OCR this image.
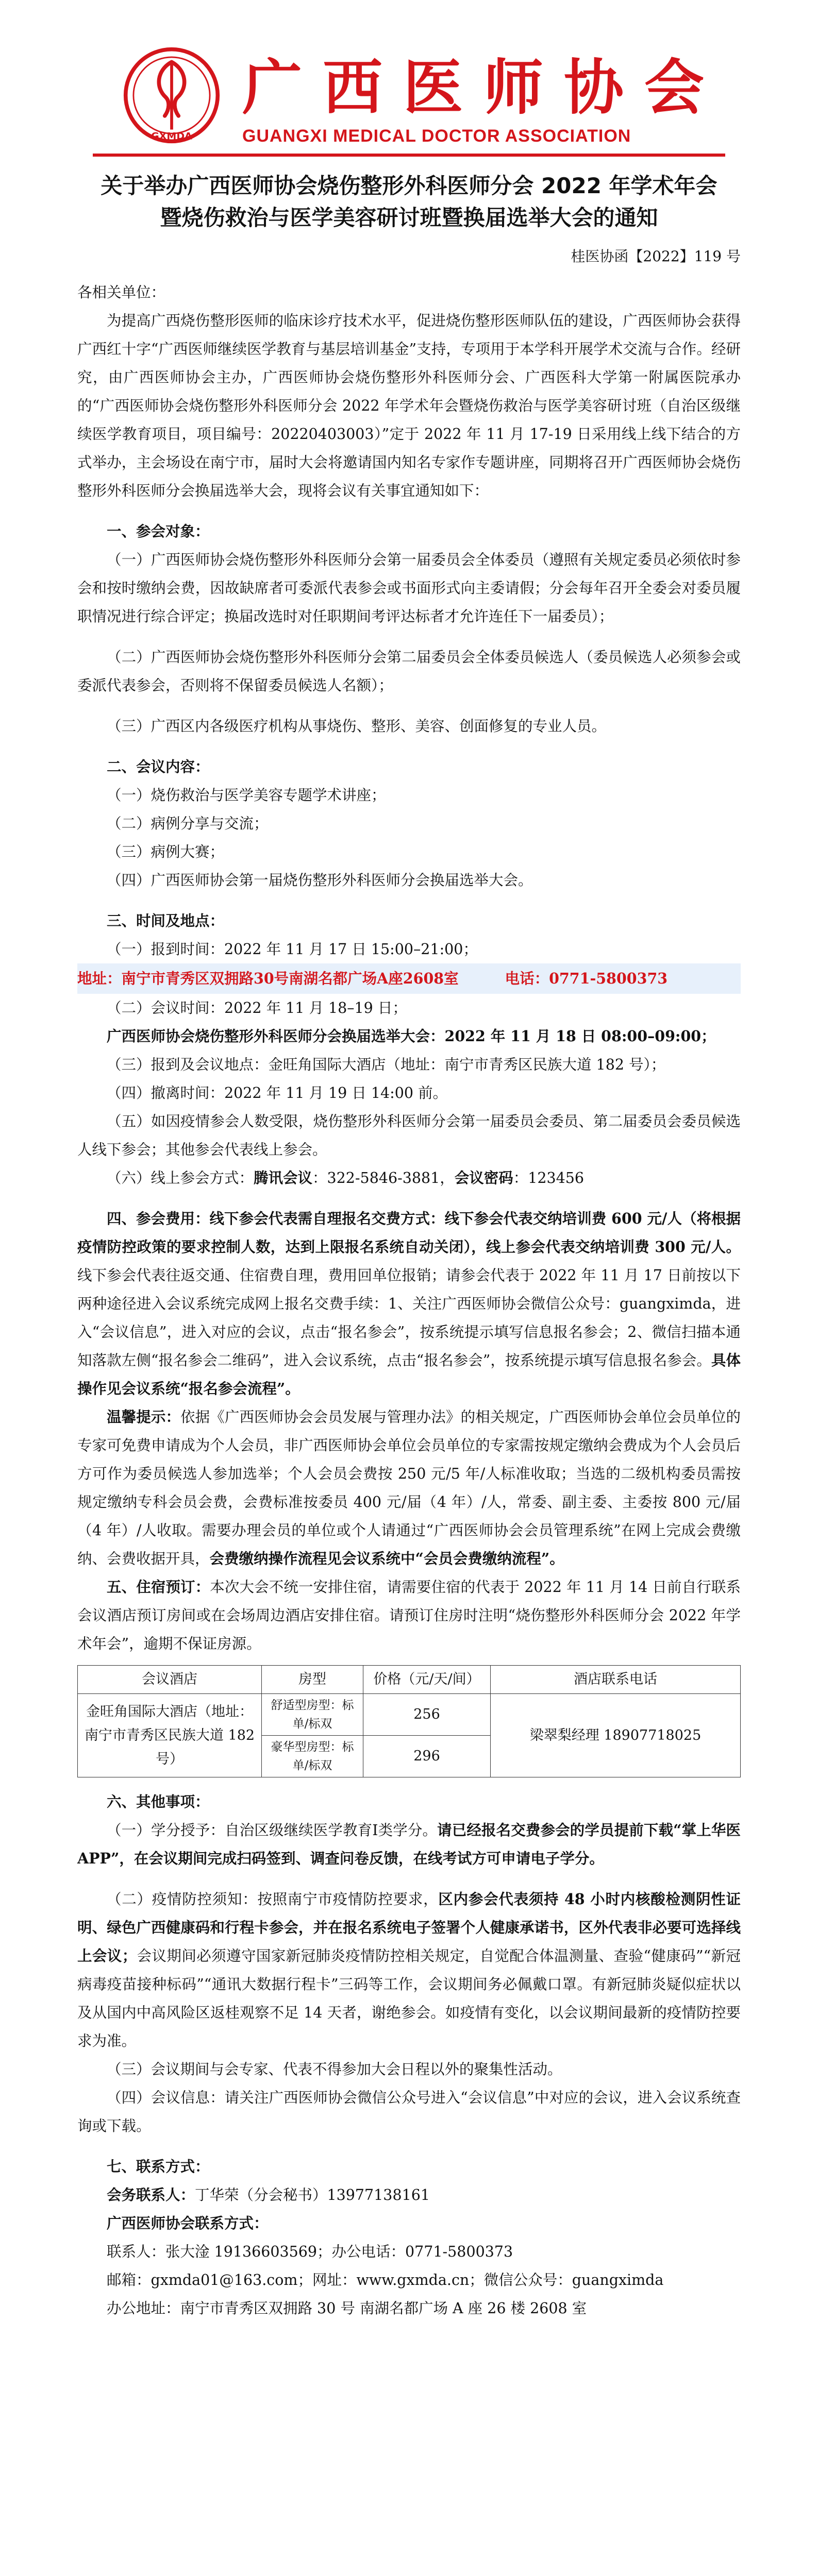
GXMDA
广西医师协会
GUANGXI MEDICAL DOCTOR ASSOCIATION
关于举办广西医师协会烧伤整形外科医师分会 2022 年学术年会
暨烧伤救治与医学美容研讨班暨换届选举大会的通知
桂医协函【2022】119 号

各相关单位：

为提高广西烧伤整形医师的临床诊疗技术水平，促进烧伤整形医师队伍的建设，广西医师协会获得广西红十字“广西医师继续医学教育与基层培训基金”支持，专项用于本学科开展学术交流与合作。经研究，由广西医师协会主办，广西医师协会烧伤整形外科医师分会、广西医科大学第一附属医院承办的“广西医师协会烧伤整形外科医师分会 2022 年学术年会暨烧伤救治与医学美容研讨班（自治区级继续医学教育项目，项目编号：20220403003）”定于 2022 年 11 月 17-19 日采用线上线下结合的方式举办，主会场设在南宁市，届时大会将邀请国内知名专家作专题讲座，同期将召开广西医师协会烧伤整形外科医师分会换届选举大会，现将会议有关事宜通知如下：

一、参会对象：

（一）广西医师协会烧伤整形外科医师分会第一届委员会全体委员（遵照有关规定委员必须依时参会和按时缴纳会费，因故缺席者可委派代表参会或书面形式向主委请假；分会每年召开全委会对委员履职情况进行综合评定；换届改选时对任职期间考评达标者才允许连任下一届委员）；

（二）广西医师协会烧伤整形外科医师分会第二届委员会全体委员候选人（委员候选人必须参会或委派代表参会，否则将不保留委员候选人名额）；

（三）广西区内各级医疗机构从事烧伤、整形、美容、创面修复的专业人员。

二、会议内容：

（一）烧伤救治与医学美容专题学术讲座；

（二）病例分享与交流；

（三）病例大赛；

（四）广西医师协会第一届烧伤整形外科医师分会换届选举大会。

三、时间及地点：

（一）报到时间：2022 年 11 月 17 日 15:00–21:00；

地址：南宁市青秀区双拥路30号南湖名都广场A座2608室	电话：0771-5800373

（二）会议时间：2022 年 11 月 18–19 日；

广西医师协会烧伤整形外科医师分会换届选举大会：2022 年 11 月 18 日 08:00–09:00；

（三）报到及会议地点：金旺角国际大酒店（地址：南宁市青秀区民族大道 182 号）；

（四）撤离时间：2022 年 11 月 19 日 14:00 前。

（五）如因疫情参会人数受限，烧伤整形外科医师分会第一届委员会委员、第二届委员会委员候选人线下参会；其他参会代表线上参会。

（六）线上参会方式：腾讯会议：322-5846-3881，会议密码：123456

四、参会费用：线下参会代表需自理报名交费方式：线下参会代表交纳培训费 600 元/人（将根据疫情防控政策的要求控制人数，达到上限报名系统自动关闭），线上参会代表交纳培训费 300 元/人。线下参会代表往返交通、住宿费自理，费用回单位报销；请参会代表于 2022 年 11 月 17 日前按以下两种途径进入会议系统完成网上报名交费手续：1、关注广西医师协会微信公众号：guangximda，进入“会议信息”，进入对应的会议，点击“报名参会”，按系统提示填写信息报名参会；2、微信扫描本通知落款左侧“报名参会二维码”，进入会议系统，点击“报名参会”，按系统提示填写信息报名参会。具体操作见会议系统“报名参会流程”。

温馨提示：依据《广西医师协会会员发展与管理办法》的相关规定，广西医师协会单位会员单位的专家可免费申请成为个人会员，非广西医师协会单位会员单位的专家需按规定缴纳会费成为个人会员后方可作为委员候选人参加选举；个人会员会费按 250 元/5 年/人标准收取；当选的二级机构委员需按规定缴纳专科会员会费，会费标准按委员 400 元/届（4 年）/人，常委、副主委、主委按 800 元/届（4 年）/人收取。需要办理会员的单位或个人请通过“广西医师协会会员管理系统”在网上完成会费缴纳、会费收据开具，会费缴纳操作流程见会议系统中“会员会费缴纳流程”。

五、住宿预订：本次大会不统一安排住宿，请需要住宿的代表于 2022 年 11 月 14 日前自行联系会议酒店预订房间或在会场周边酒店安排住宿。请预订住房时注明“烧伤整形外科医师分会 2022 年学术年会”，逾期不保证房源。

会议酒店	房型	价格（元/天/间）	酒店联系电话
金旺角国际大酒店（地址：南宁市青秀区民族大道 182 号）	舒适型房型：标单/标双	256	梁翠梨经理 18907718025
	豪华型房型：标单/标双	296	

六、其他事项：

（一）学分授予：自治区级继续医学教育Ⅰ类学分。请已经报名交费参会的学员提前下载“掌上华医 APP”，在会议期间完成扫码签到、调查问卷反馈，在线考试方可申请电子学分。

（二）疫情防控须知：按照南宁市疫情防控要求，区内参会代表须持 48 小时内核酸检测阴性证明、绿色广西健康码和行程卡参会，并在报名系统电子签署个人健康承诺书，区外代表非必要可选择线上会议；会议期间必须遵守国家新冠肺炎疫情防控相关规定，自觉配合体温测量、查验“健康码”“新冠病毒疫苗接种标码”“通讯大数据行程卡”三码等工作，会议期间务必佩戴口罩。有新冠肺炎疑似症状以及从国内中高风险区返桂观察不足 14 天者，谢绝参会。如疫情有变化，以会议期间最新的疫情防控要求为准。

（三）会议期间与会专家、代表不得参加大会日程以外的聚集性活动。

（四）会议信息：请关注广西医师协会微信公众号进入“会议信息”中对应的会议，进入会议系统查询或下载。

七、联系方式：

会务联系人：丁华荣（分会秘书）13977138161

广西医师协会联系方式：

联系人：张大淦 19136603569；办公电话：0771-5800373

邮箱：gxmda01@163.com；网址：www.gxmda.cn；微信公众号：guangximda

办公地址：南宁市青秀区双拥路 30 号 南湖名都广场 A 座 26 楼 2608 室
